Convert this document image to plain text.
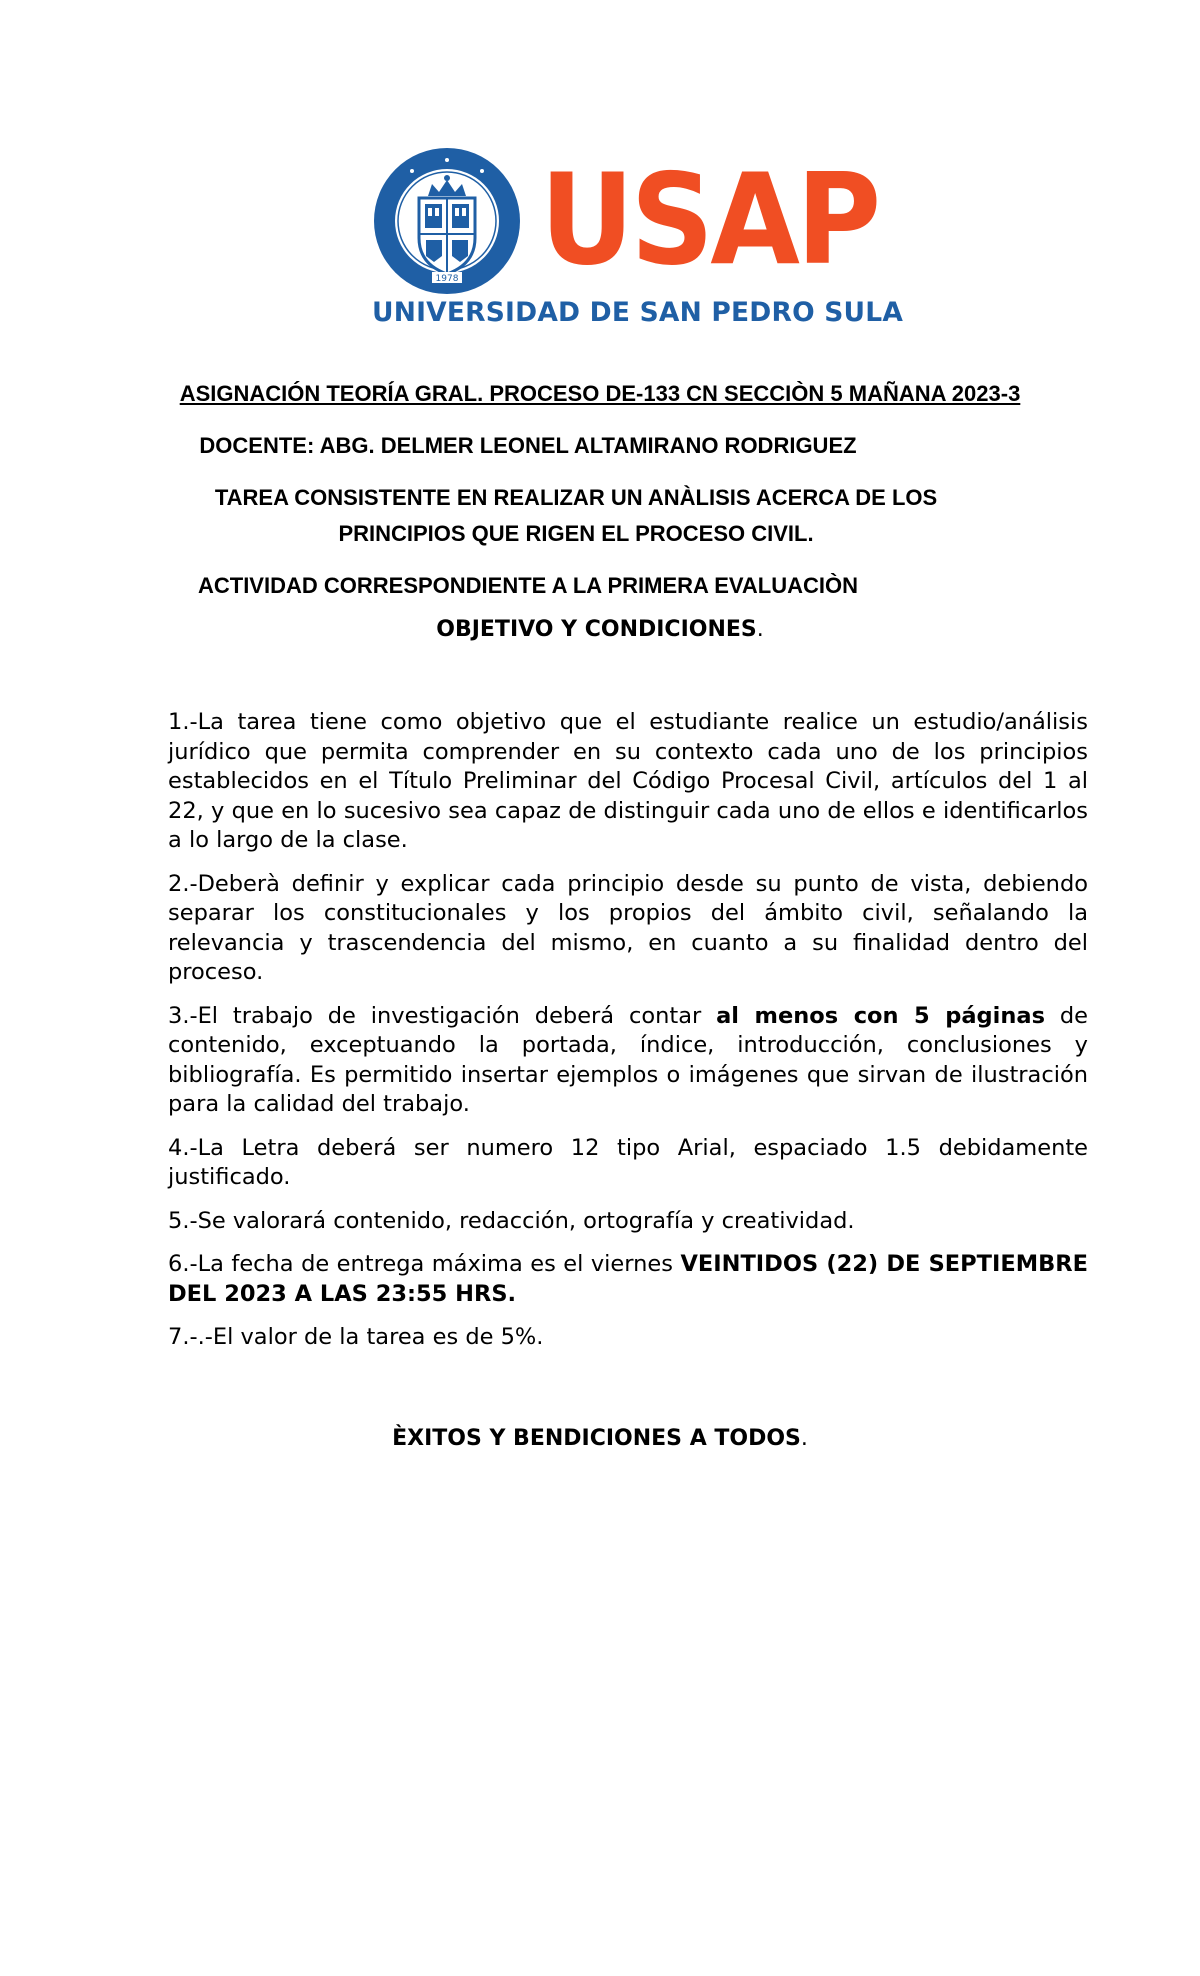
1978 USAP
UNIVERSIDAD DE SAN PEDRO SULA
ASIGNACIÓN TEORÍA GRAL. PROCESO DE-133 CN SECCIÒN 5 MAÑANA 2023-3
DOCENTE: ABG. DELMER LEONEL ALTAMIRANO RODRIGUEZ
TAREA CONSISTENTE EN REALIZAR UN ANÀLISIS ACERCA DE LOS
PRINCIPIOS QUE RIGEN EL PROCESO CIVIL.
ACTIVIDAD CORRESPONDIENTE A LA PRIMERA EVALUACIÒN
OBJETIVO Y CONDICIONES.

1.-La tarea tiene como objetivo que el estudiante realice un estudio/análisis jurídico que permita comprender en su contexto cada uno de los principios establecidos en el Título Preliminar del Código Procesal Civil, artículos del 1 al 22, y que en lo sucesivo sea capaz de distinguir cada uno de ellos e identificarlos a lo largo de la clase.

2.-Deberà definir y explicar cada principio desde su punto de vista, debiendo separar los constitucionales y los propios del ámbito civil, señalando la relevancia y trascendencia del mismo, en cuanto a su finalidad dentro del proceso.

3.-El trabajo de investigación deberá contar al menos con 5 páginas de contenido, exceptuando la portada, índice, introducción, conclusiones y bibliografía. Es permitido insertar ejemplos o imágenes que sirvan de ilustración para la calidad del trabajo.

4.-La Letra deberá ser numero 12 tipo Arial, espaciado 1.5 debidamente justificado.

5.-Se valorará contenido, redacción, ortografía y creatividad.

6.-La fecha de entrega máxima es el viernes VEINTIDOS (22) DE SEPTIEMBRE DEL 2023 A LAS 23:55 HRS.

7.-.-El valor de la tarea es de 5%.

ÈXITOS Y BENDICIONES A TODOS.
